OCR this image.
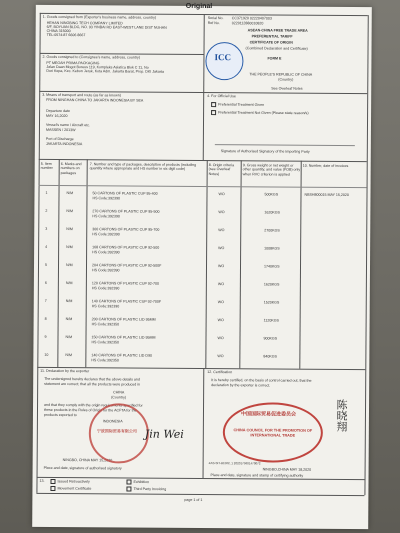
Original
1. Goods consigned from (Exporter's business name, address, country)
HEHAN NINGBING TECH COMPANY LIMITED
6/F, BOYUAN BLDG, NO. 93 YINBAI RD EAST-WEST LANE DIST NUHAN
CHINA 315000
TEL:0574-87 6606 8667
Serial No. CC371920 02220407003
Ref No.	0220112880010820
ASEAN-CHINA FREE TRADE AREA
PREFERENTIAL TARIFF
CERTIFICATE OF ORIGIN
(Combined Declaration and Certificate)
FORM E
ICC
THE PEOPLE'S REPUBLIC OF CHINA
(Country)
See Overleaf Notes
2. Goods consigned to (Consignee's name, address, country)
PT MEGAH PRIMA PACKAGING
Jalan Daan Mogot Boreus 119, Kompleks Asiatica Blok C 11, No
Duri Kepa, Kec. Kebon Jeruk, Kota Adm. Jakarta Barat, Prop. DKI Jakarta
3. Means of transport and route (as far as known)
FROM NINGHAN CHINA TO JAKARTA INDONESIA BY SEA
Departure date
MAY 16,2020
Vessel's name / Aircraft etc.
MASSEN / 2013W
Port of Discharge
JAKARTA INDONESIA
4. For Official Use
Preferential Treatment Given
Preferential Treatment Not Given (Please state reason/s)
Signature of Authorised Signatory of the Importing Party
5. Item number
6. Marks and numbers on packages
7. Number and type of packages, description of products (including quantity where appropriate and HS number in six digit code)
8. Origin criteria (see Overleaf Notes)
9. Gross weight or net weight or other quantity, and value (FOB) only when RVC criterion is applied
10. Number, date of invoices
1	N/M	50 CARTONS OF PLASTIC CUP 95-400
HS Code:392390
WO	500KGS	NBSH800015 MAY 15,2020
2	N/M	270 CARTONS OF PLASTIC CUP 95-500
HS Code:392390
WO	1620KGS
3	N/M	300 CARTONS OF PLASTIC CUP 95-700
HS Code:392390
WO	2700KGS
4	N/M	168 CARTONS OF PLASTIC CUP 92-500
HS Code:392390
WO	1008KGS
5	N/M	204 CARTONS OF PLASTIC CUP 92-500F
HS Code:392390
WO	1740KGS
6	N/M	120 CARTONS OF PLASTIC CUP 92-700
HS Code:392390
WO	1620KGS
7	N/M	140 CARTONS OF PLASTIC CUP 92-700F
HS Code:392390
WO	1520KGS
8	N/M	200 CARTONS OF PLASTIC LID 95MM
HS Code:392350
WO	1120KGS
9	N/M	150 CARTONS OF PLASTIC LID 95MM
HS Code:392350
WO	900KGS
10	N/M	140 CARTONS OF PLASTIC LID D90
HS Code:392350
WO	840KGS
11. Declaration by the exporter
The undersigned hereby declares that the above details and
statement are correct; that all the products were produced in
CHINA
(Country)
and that they comply with the origin requirements specified for
these products in the Rules of Origin for the ACFTA for the
products exported to
INDONESIA
NINGBO, CHINA MAY 15,2020
Place and date, signature of authorised signatory
宁波国际贸易有限公司 Jin Wei
12. Certification
It is hereby certified, on the basis of control carried out, that the
declaration by the exporter is correct.
中国国际贸易促进委员会
CHINA COUNCIL FOR THE PROMOTION OF INTERNATIONAL TRADE
陈晓翔
ZAS-SIT-B1502, 1 2020175801470072
NINGBO,CHINA MAY 18,2020
Place and date, signature and stamp of certifying authority
13.	Issued Retroactively	Exhibition
Movement Certificate	Third Party Invoicing
page 1 of 1
